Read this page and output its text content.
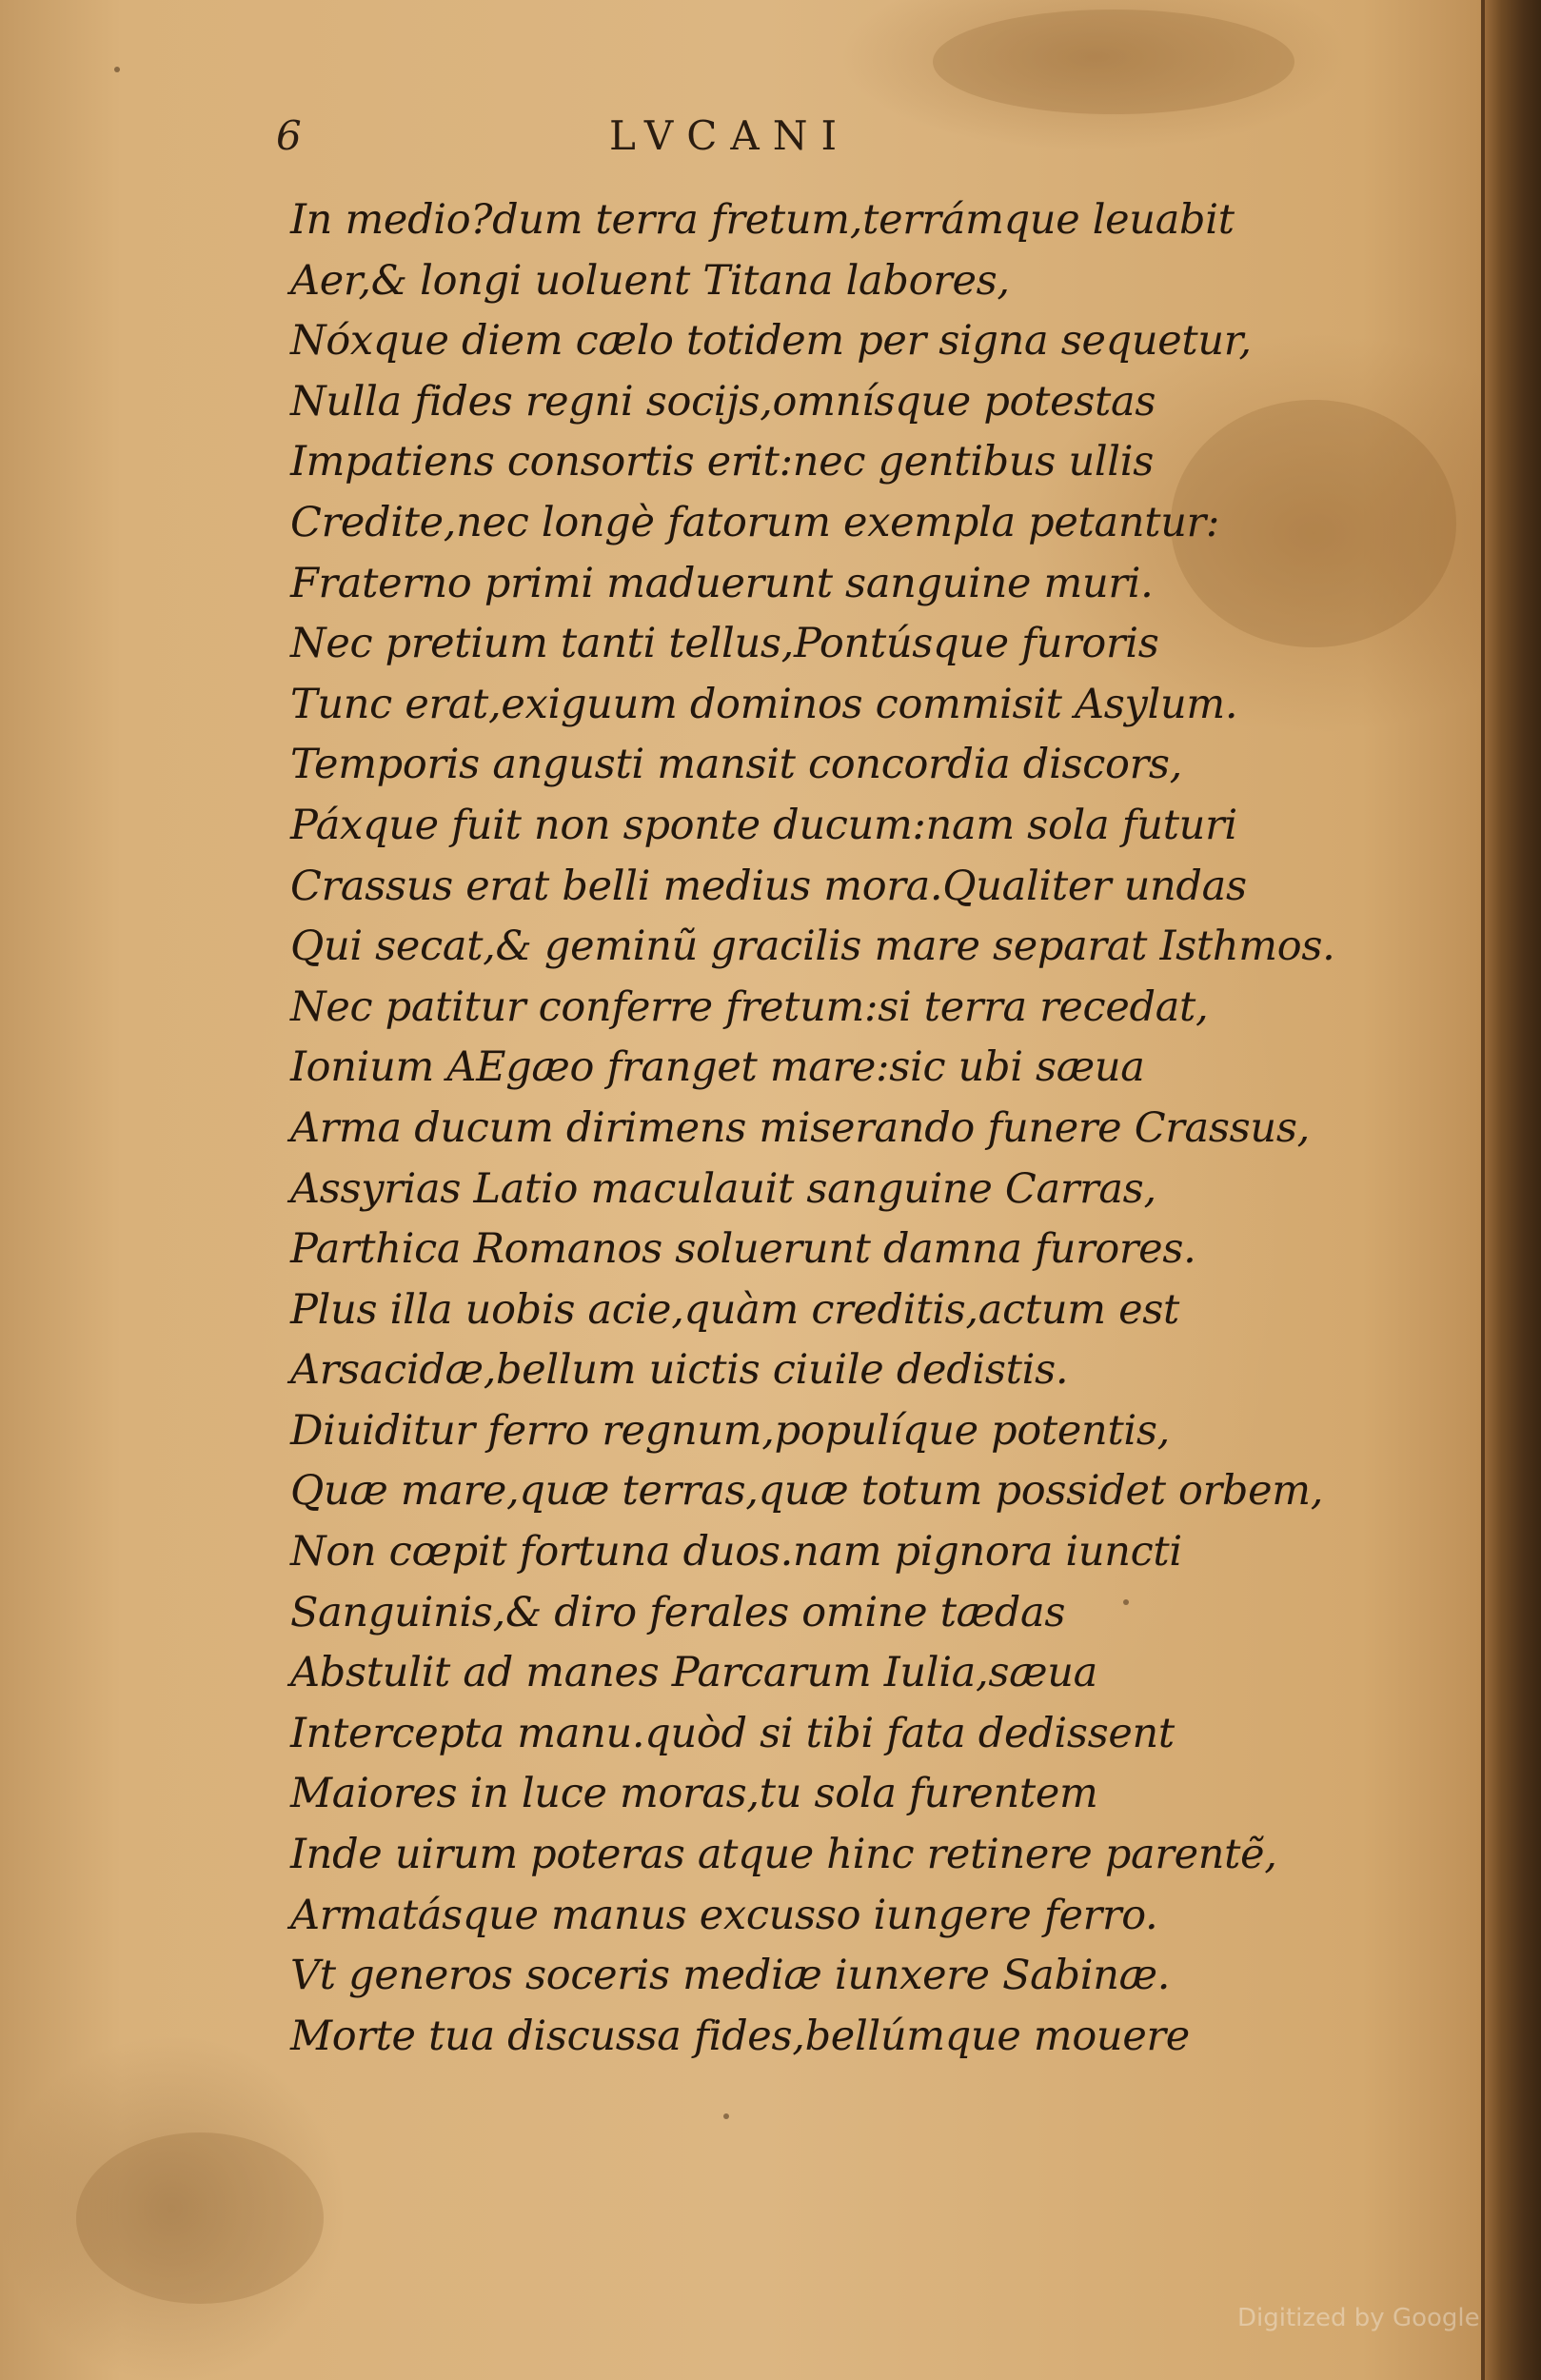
6	LVCANI
In medio?dum terra fretum,terrámque leuabit
Aer,& longi uoluent Titana labores,
Nóxque diem cælo totidem per signa sequetur,
Nulla fides regni socijs,omnísque potestas
Impatiens consortis erit:nec gentibus ullis
Credite,nec longè fatorum exempla petantur:
Fraterno primi maduerunt sanguine muri.
Nec pretium tanti tellus,Pontúsque furoris
Tunc erat,exiguum dominos commisit Asylum.
Temporis angusti mansit concordia discors,
Páxque fuit non sponte ducum:nam sola futuri
Crassus erat belli medius mora.Qualiter undas
Qui secat,& geminũ gracilis mare separat Isthmos.
Nec patitur conferre fretum:si terra recedat,
Ionium AEgæo franget mare:sic ubi sæua
Arma ducum dirimens miserando funere Crassus,
Assyrias Latio maculauit sanguine Carras,
Parthica Romanos soluerunt damna furores.
Plus illa uobis acie,quàm creditis,actum est
Arsacidæ,bellum uictis ciuile dedistis.
Diuiditur ferro regnum,populíque potentis,
Quæ mare,quæ terras,quæ totum possidet orbem,
Non cœpit fortuna duos.nam pignora iuncti
Sanguinis,& diro ferales omine tædas
Abstulit ad manes Parcarum Iulia,sæua
Intercepta manu.quòd si tibi fata dedissent
Maiores in luce moras,tu sola furentem
Inde uirum poteras atque hinc retinere parentẽ,
Armatásque manus excusso iungere ferro.
Vt generos soceris mediæ iunxere Sabinæ.
Morte tua discussa fides,bellúmque mouere
Digitized by Google
